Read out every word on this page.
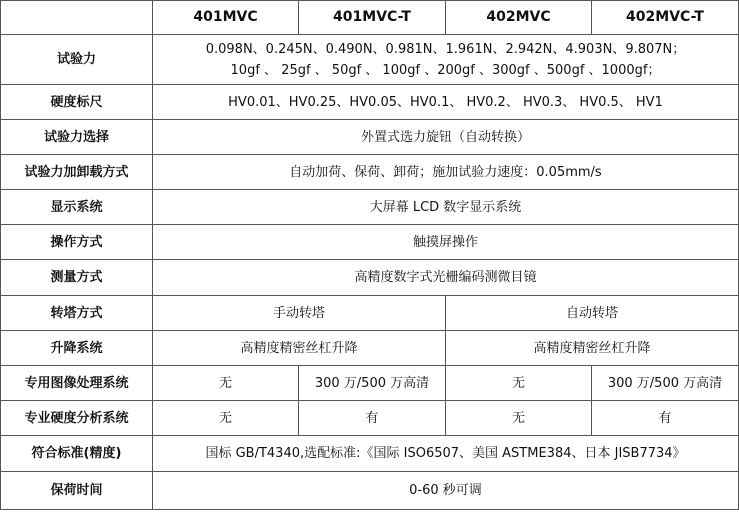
	401MVC	401MVC-T	402MVC	402MVC-T
试验力	0.098N、0.245N、0.490N、0.981N、1.961N、2.942N、4.903N、9.807N；
10gf 、 25gf 、 50gf 、 100gf 、200gf 、300gf 、500gf 、1000gf；			

硬度标尺	HV0.01、HV0.25、HV0.05、HV0.1、 HV0.2、 HV0.3、 HV0.5、 HV1			
试验力选择	外置式选力旋钮（自动转换）			
试验力加卸载方式	自动加荷、保荷、卸荷；施加试验力速度：0.05mm/s			
显示系统	大屏幕 LCD 数字显示系统			
操作方式	触摸屏操作			
测量方式	高精度数字式光栅编码测微目镜			
转塔方式	手动转塔		自动转塔	
升降系统	高精度精密丝杠升降		高精度精密丝杠升降	
专用图像处理系统	无	300 万/500 万高清	无	300 万/500 万高清
专业硬度分析系统	无	有	无	有
符合标准(精度)	国标 GB/T4340,选配标准:《国际 ISO6507、美国 ASTME384、日本 JISB7734》			
保荷时间	0-60 秒可调			
